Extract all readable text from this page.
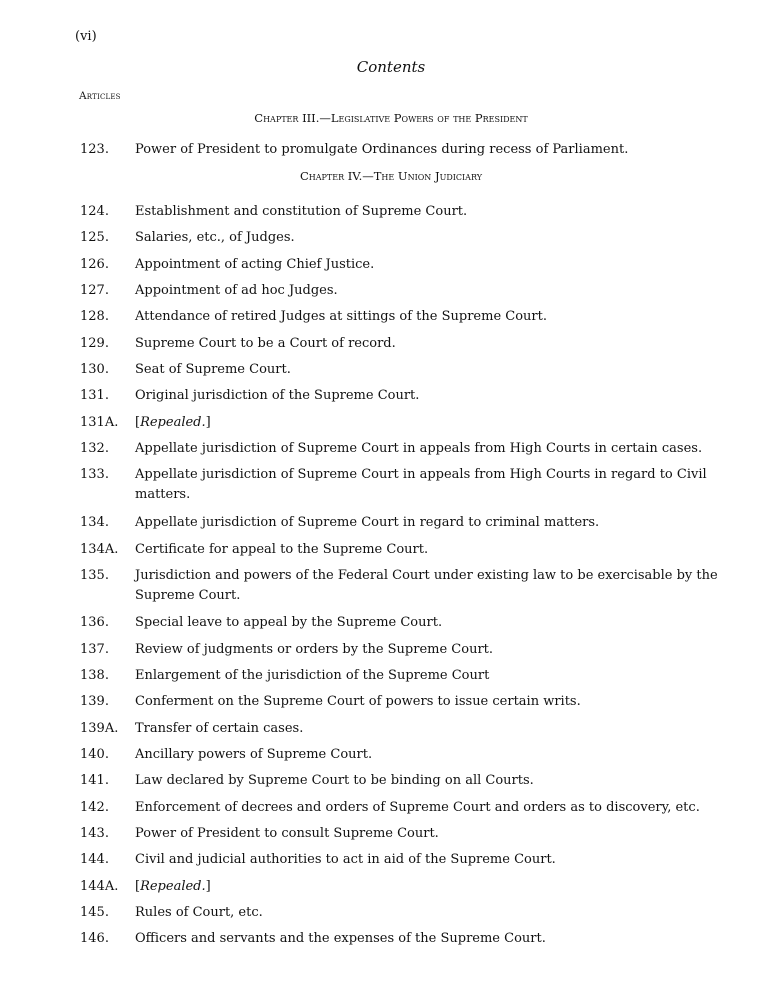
(vi)
Contents
Articles
Chapter III.—Legislative Powers of the President
123.	Power of President to promulgate Ordinances during recess of Parliament.
Chapter IV.—The Union Judiciary
124.	Establishment and constitution of Supreme Court.
125.	Salaries, etc., of Judges.
126.	Appointment of acting Chief Justice.
127.	Appointment of ad hoc Judges.
128.	Attendance of retired Judges at sittings of the Supreme Court.
129.	Supreme Court to be a Court of record.
130.	Seat of Supreme Court.
131.	Original jurisdiction of the Supreme Court.
131A.	[Repealed.]
132.	Appellate jurisdiction of Supreme Court in appeals from High Courts in certain cases.
133.	Appellate jurisdiction of Supreme Court in appeals from High Courts in regard to Civil matters.
134.	Appellate jurisdiction of Supreme Court in regard to criminal matters.
134A.	Certificate for appeal to the Supreme Court.
135.	Jurisdiction and powers of the Federal Court under existing law to be exercisable by the Supreme Court.
136.	Special leave to appeal by the Supreme Court.
137.	Review of judgments or orders by the Supreme Court.
138.	Enlargement of the jurisdiction of the Supreme Court
139.	Conferment on the Supreme Court of powers to issue certain writs.
139A.	Transfer of certain cases.
140.	Ancillary powers of Supreme Court.
141.	Law declared by Supreme Court to be binding on all Courts.
142.	Enforcement of decrees and orders of Supreme Court and orders as to discovery, etc.
143.	Power of President to consult Supreme Court.
144.	Civil and judicial authorities to act in aid of the Supreme Court.
144A.	[Repealed.]
145.	Rules of Court, etc.
146.	Officers and servants and the expenses of the Supreme Court.
